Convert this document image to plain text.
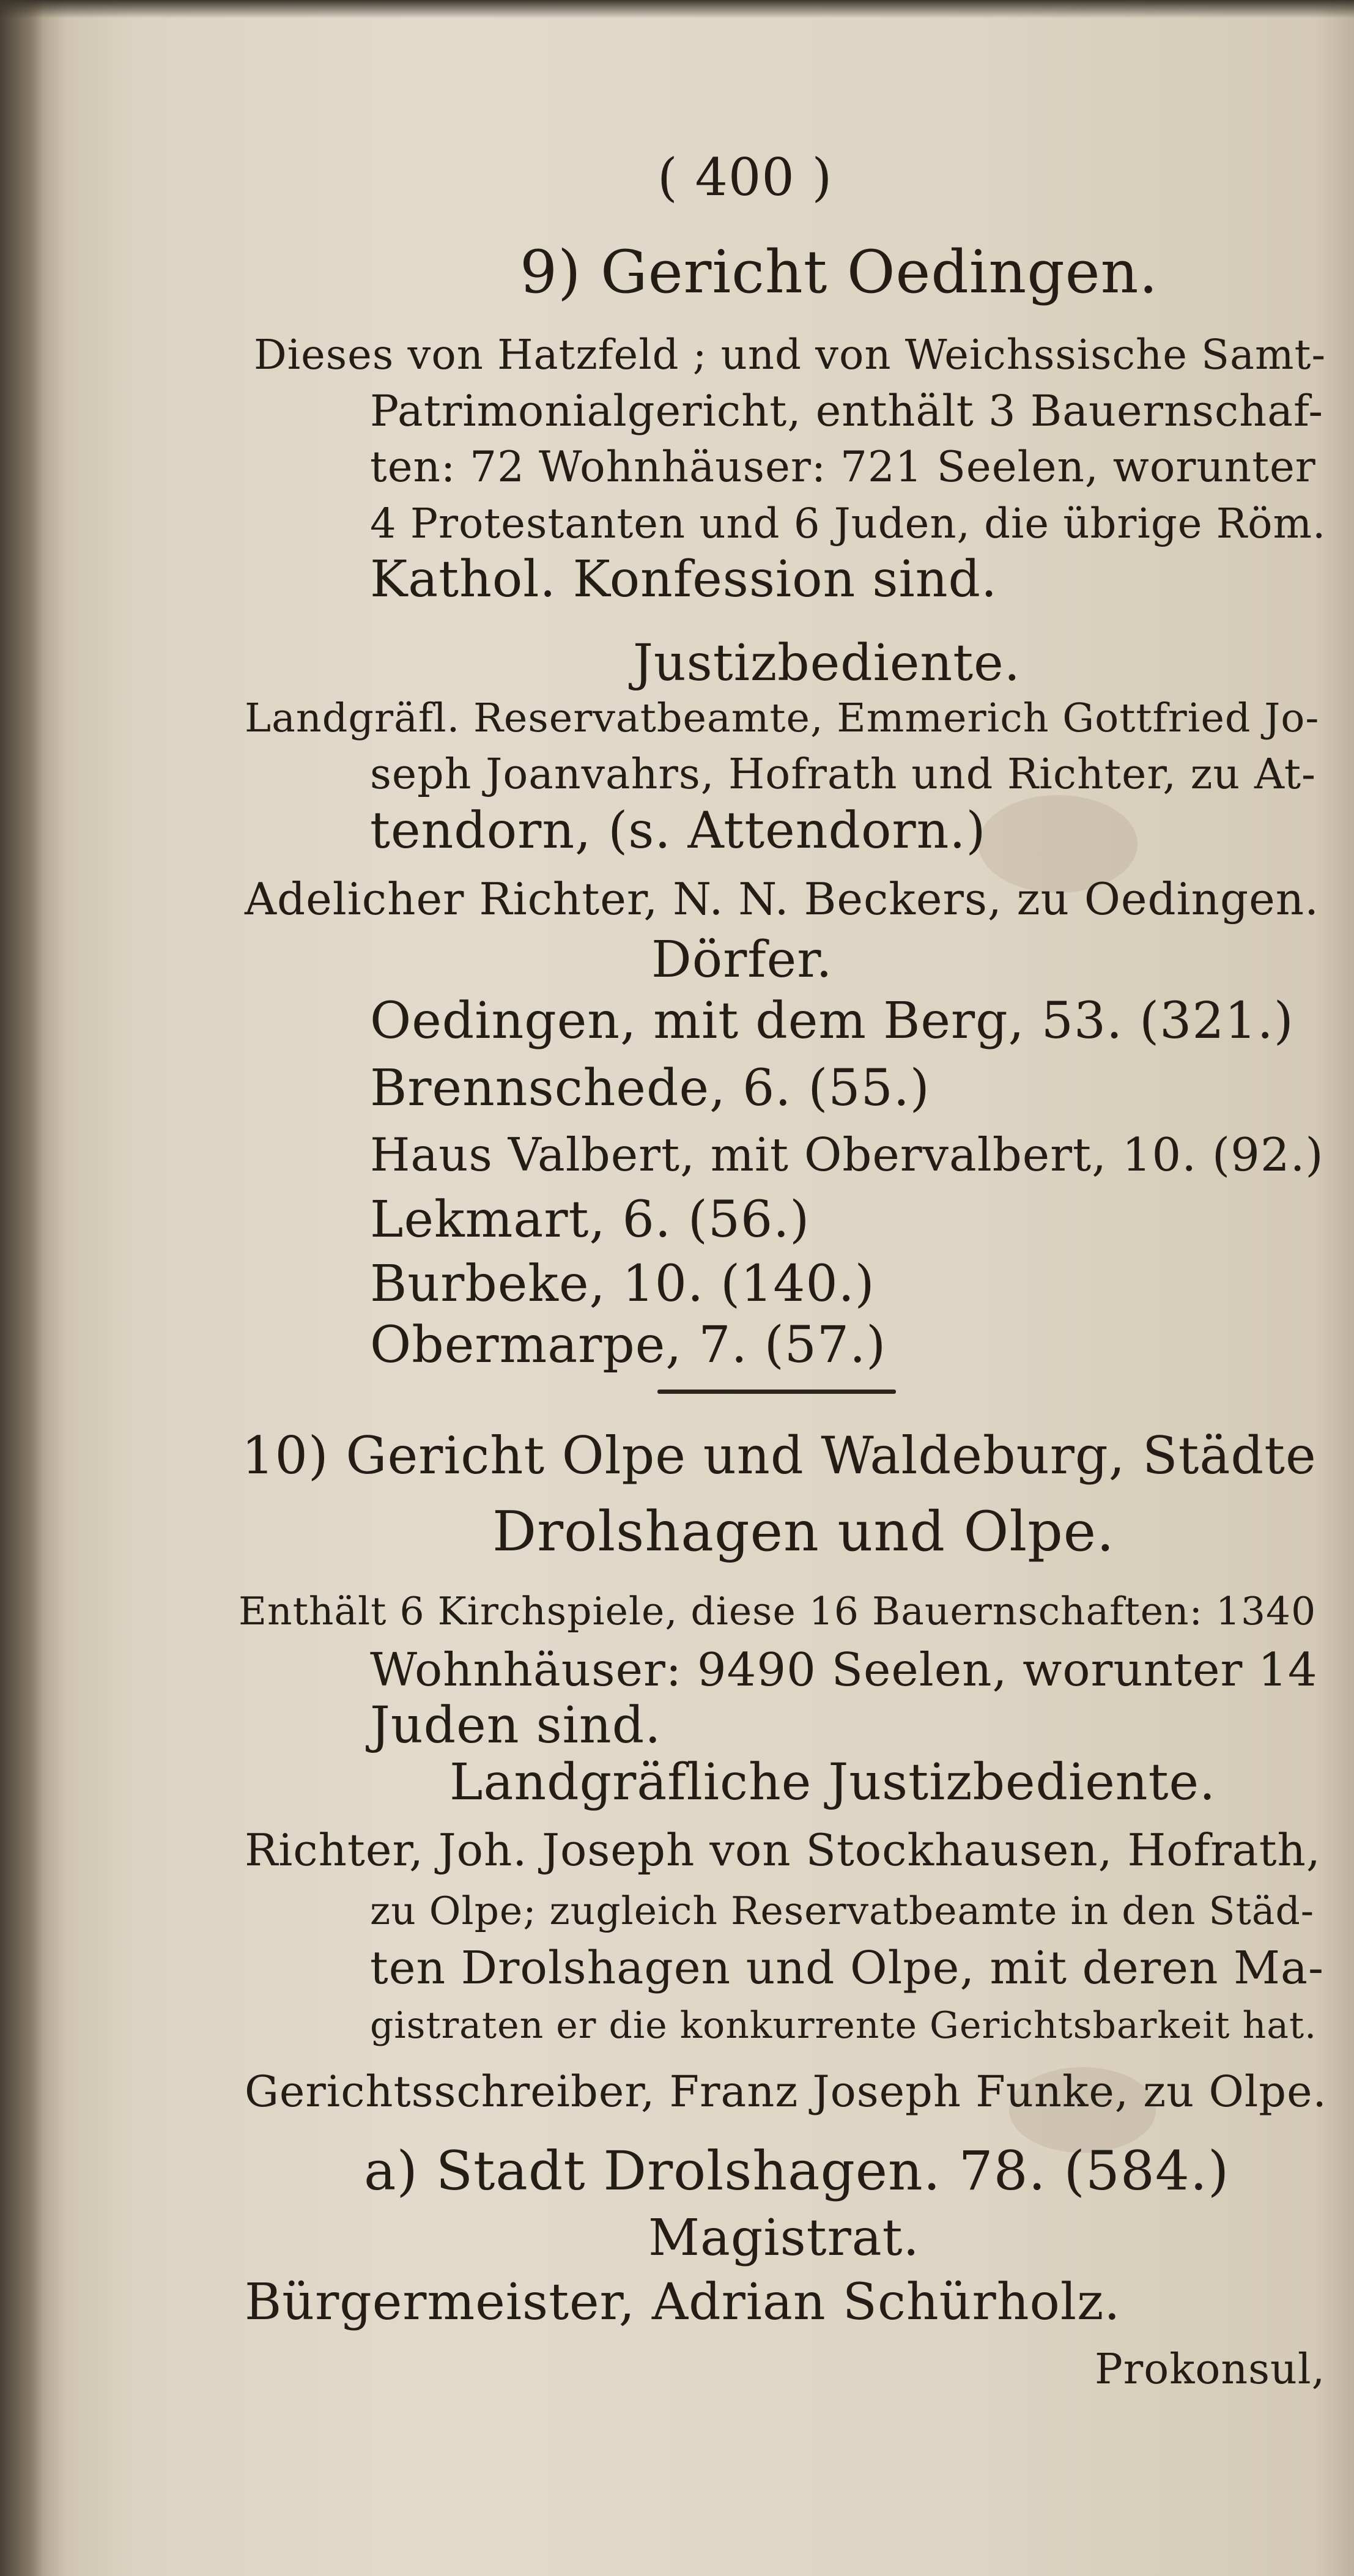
( 400 )
9) Gericht Oedingen.
Dieses von Hatzfeld ; und von Weichssische Samt-
Patrimonialgericht, enthält 3 Bauernschaf-
ten: 72 Wohnhäuser: 721 Seelen, worunter
4 Protestanten und 6 Juden, die übrige Röm.
Kathol. Konfession sind.
Justizbediente.
Landgräfl. Reservatbeamte, Emmerich Gottfried Jo-
seph Joanvahrs, Hofrath und Richter, zu At-
tendorn, (s. Attendorn.)
Adelicher Richter, N. N. Beckers, zu Oedingen.
Dörfer.
Oedingen, mit dem Berg, 53. (321.)
Brennschede, 6. (55.)
Haus Valbert, mit Obervalbert, 10. (92.)
Lekmart, 6. (56.)
Burbeke, 10. (140.)
Obermarpe, 7. (57.)
10) Gericht Olpe und Waldeburg, Städte
Drolshagen und Olpe.
Enthält 6 Kirchspiele, diese 16 Bauernschaften: 1340
Wohnhäuser: 9490 Seelen, worunter 14
Juden sind.
Landgräfliche Justizbediente.
Richter, Joh. Joseph von Stockhausen, Hofrath,
zu Olpe; zugleich Reservatbeamte in den Städ-
ten Drolshagen und Olpe, mit deren Ma-
gistraten er die konkurrente Gerichtsbarkeit hat.
Gerichtsschreiber, Franz Joseph Funke, zu Olpe.
a) Stadt Drolshagen. 78. (584.)
Magistrat.
Bürgermeister, Adrian Schürholz.
Prokonsul,
